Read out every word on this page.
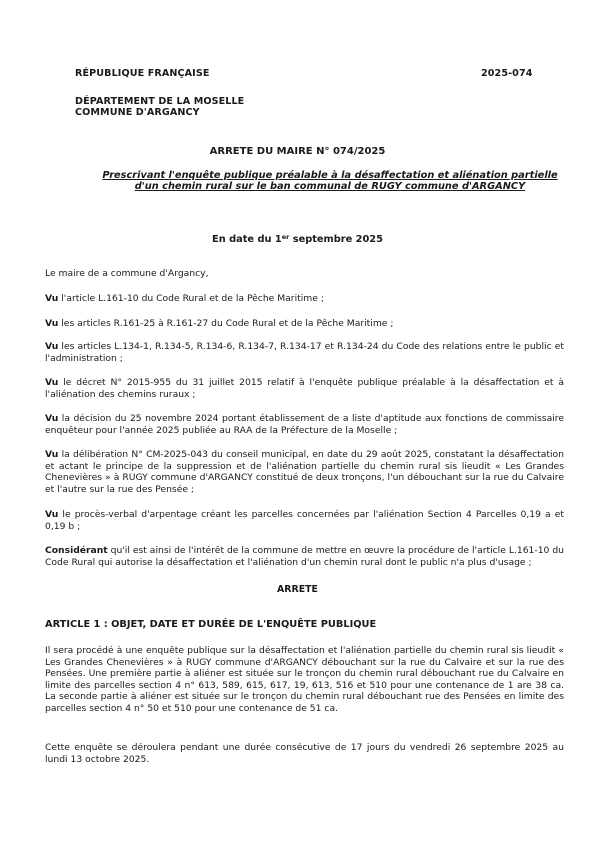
RÉPUBLIQUE FRANÇAISE	2025-074
DÉPARTEMENT DE LA MOSELLE
COMMUNE D'ARGANCY
ARRETE DU MAIRE N° 074/2025
Prescrivant l'enquête publique préalable à la désaffectation et aliénation partielle
d'un chemin rural sur le ban communal de RUGY commune d'ARGANCY
En date du 1er septembre 2025

Le maire de a commune d'Argancy,

Vu l'article L.161-10 du Code Rural et de la Pêche Maritime ;

Vu les articles R.161-25 à R.161-27 du Code Rural et de la Pêche Maritime ;

Vu les articles L.134-1, R.134-5, R.134-6, R.134-7, R.134-17 et R.134-24 du Code des relations entre le public et l'administration ;

Vu le décret N° 2015-955 du 31 juillet 2015 relatif à l'enquête publique préalable à la désaffectation et à l'aliénation des chemins ruraux ;

Vu la décision du 25 novembre 2024 portant établissement de a liste d'aptitude aux fonctions de commissaire enquêteur pour l'année 2025 publiée au RAA de la Préfecture de la Moselle ;

Vu la délibération N° CM-2025-043 du conseil municipal, en date du 29 août 2025, constatant la désaffectation et actant le principe de la suppression et de l'aliénation partielle du chemin rural sis lieudit « Les Grandes Chenevières » à RUGY commune d'ARGANCY constitué de deux tronçons, l'un débouchant sur la rue du Calvaire et l'autre sur la rue des Pensée ;

Vu le procès-verbal d'arpentage créant les parcelles concernées par l'aliénation Section 4 Parcelles 0,19 a et 0,19 b ;

Considérant qu'il est ainsi de l'intérêt de la commune de mettre en œuvre la procédure de l'article L.161-10 du Code Rural qui autorise la désaffectation et l'aliénation d'un chemin rural dont le public n'a plus d'usage ;

ARRETE
ARTICLE 1 : OBJET, DATE ET DURÉE DE L'ENQUÊTE PUBLIQUE

Il sera procédé à une enquête publique sur la désaffectation et l'aliénation partielle du chemin rural sis lieudit « Les Grandes Chenevières » à RUGY commune d'ARGANCY débouchant sur la rue du Calvaire et sur la rue des Pensées. Une première partie à aliéner est située sur le tronçon du chemin rural débouchant rue du Calvaire en limite des parcelles section 4 n° 613, 589, 615, 617, 19, 613, 516 et 510 pour une contenance de 1 are 38 ca. La seconde partie à aliéner est située sur le tronçon du chemin rural débouchant rue des Pensées en limite des parcelles section 4 n° 50 et 510 pour une contenance de 51 ca.

Cette enquête se déroulera pendant une durée consécutive de 17 jours du vendredi 26 septembre 2025 au lundi 13 octobre 2025.
